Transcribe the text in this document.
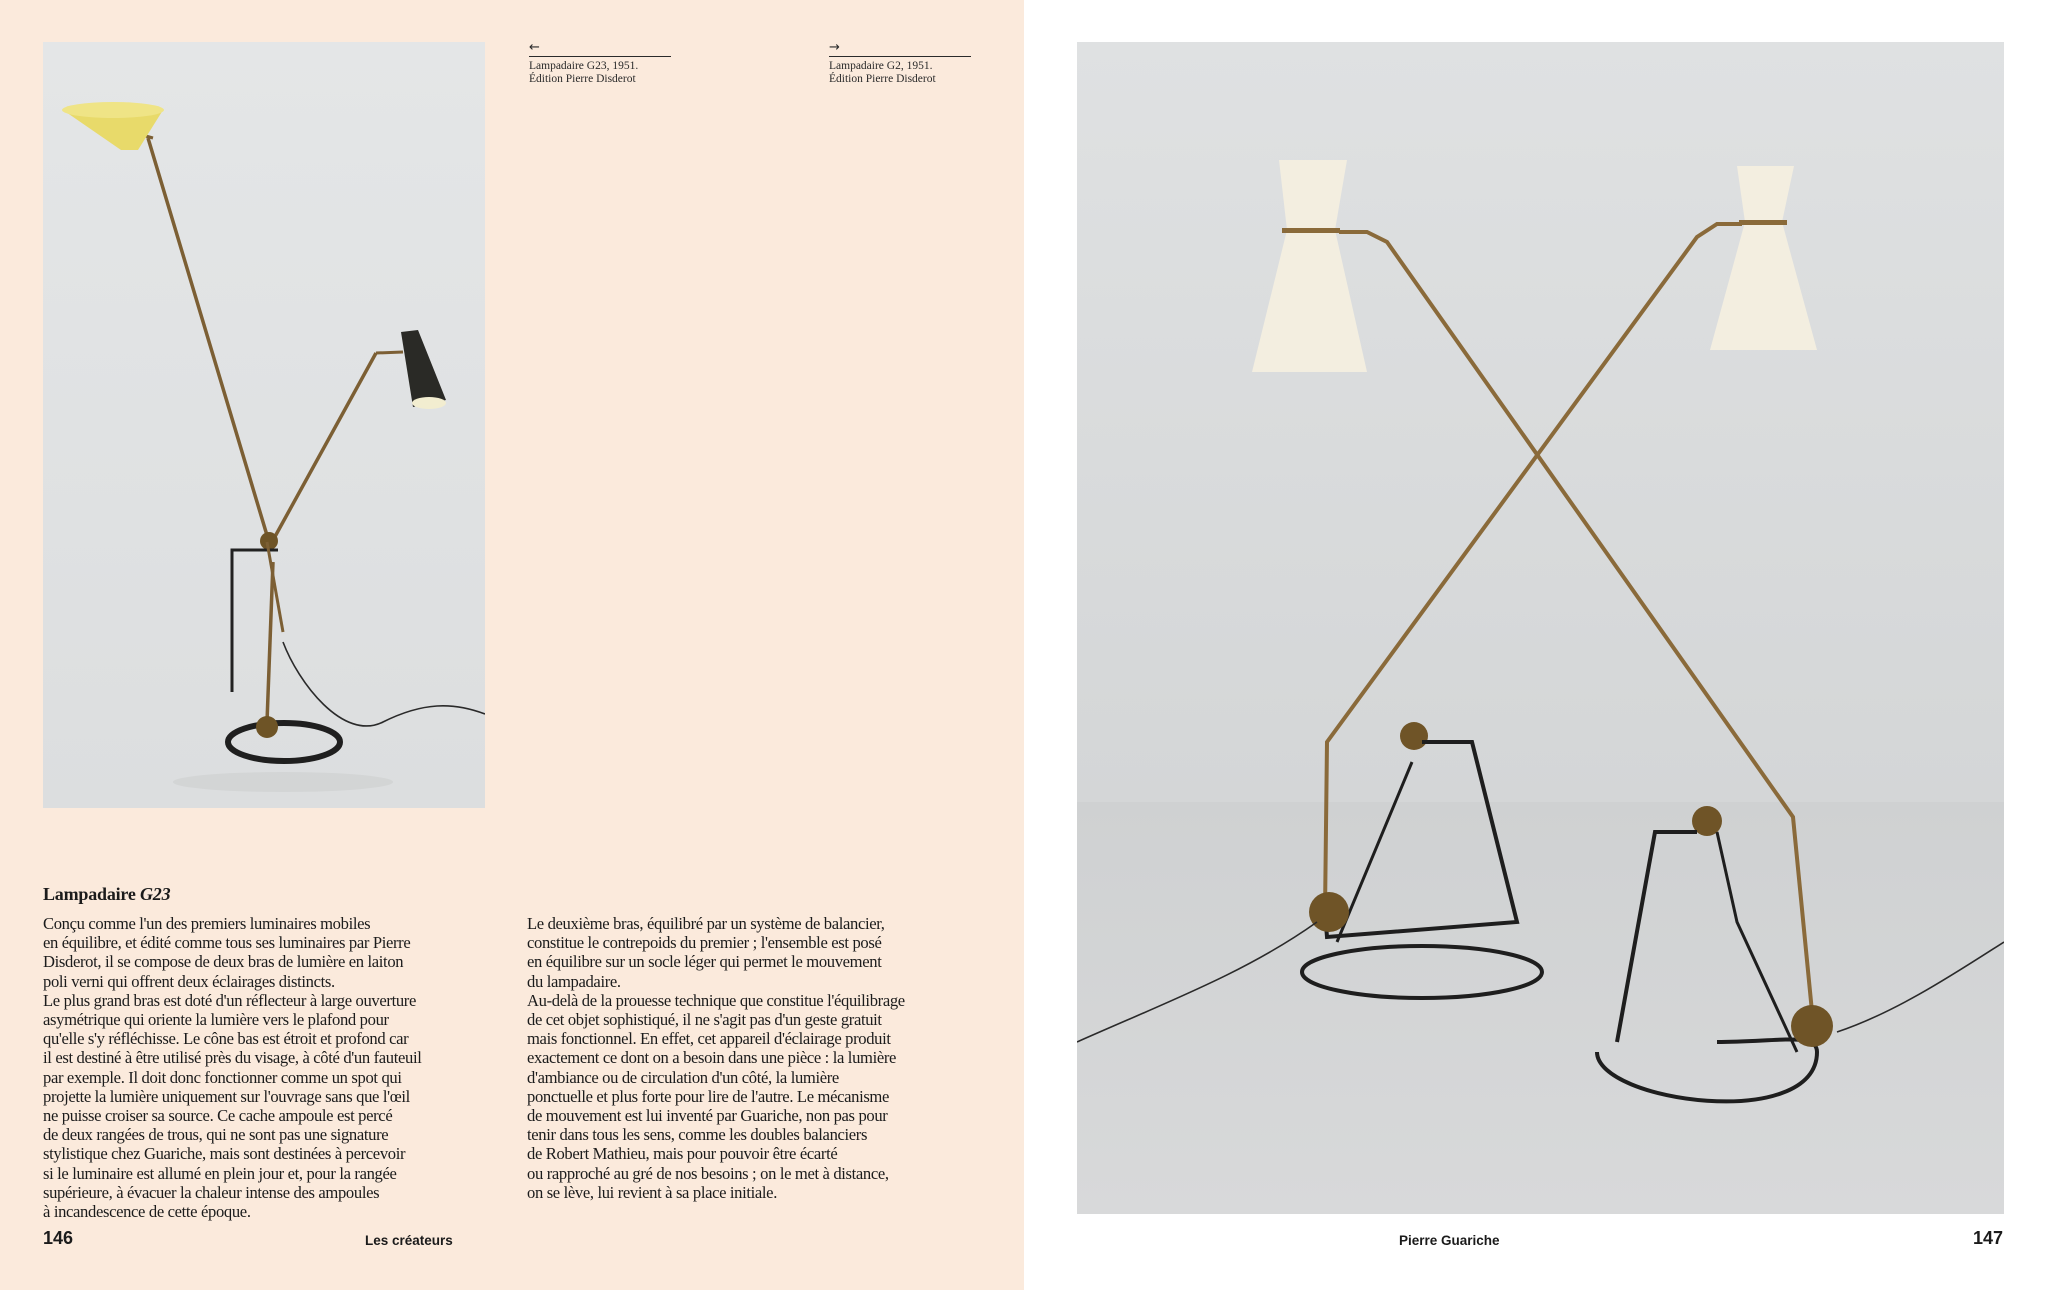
←
Lampadaire G23, 1951.
Édition Pierre Disderot
→
Lampadaire G2, 1951.
Édition Pierre Disderot
Lampadaire G23
Conçu comme l'un des premiers luminaires mobiles
en équilibre, et édité comme tous ses luminaires par Pierre
Disderot, il se compose de deux bras de lumière en laiton
poli verni qui offrent deux éclairages distincts.
Le plus grand bras est doté d'un réflecteur à large ouverture
asymétrique qui oriente la lumière vers le plafond pour
qu'elle s'y réfléchisse. Le cône bas est étroit et profond car
il est destiné à être utilisé près du visage, à côté d'un fauteuil
par exemple. Il doit donc fonctionner comme un spot qui
projette la lumière uniquement sur l'ouvrage sans que l'œil
ne puisse croiser sa source. Ce cache ampoule est percé
de deux rangées de trous, qui ne sont pas une signature
stylistique chez Guariche, mais sont destinées à percevoir
si le luminaire est allumé en plein jour et, pour la rangée
supérieure, à évacuer la chaleur intense des ampoules
à incandescence de cette époque.
Le deuxième bras, équilibré par un système de balancier,
constitue le contrepoids du premier ; l'ensemble est posé
en équilibre sur un socle léger qui permet le mouvement
du lampadaire.
Au-delà de la prouesse technique que constitue l'équilibrage
de cet objet sophistiqué, il ne s'agit pas d'un geste gratuit
mais fonctionnel. En effet, cet appareil d'éclairage produit
exactement ce dont on a besoin dans une pièce : la lumière
d'ambiance ou de circulation d'un côté, la lumière
ponctuelle et plus forte pour lire de l'autre. Le mécanisme
de mouvement est lui inventé par Guariche, non pas pour
tenir dans tous les sens, comme les doubles balanciers
de Robert Mathieu, mais pour pouvoir être écarté
ou rapproché au gré de nos besoins ; on le met à distance,
on se lève, lui revient à sa place initiale.
146	Les créateurs	Pierre Guariche	147
